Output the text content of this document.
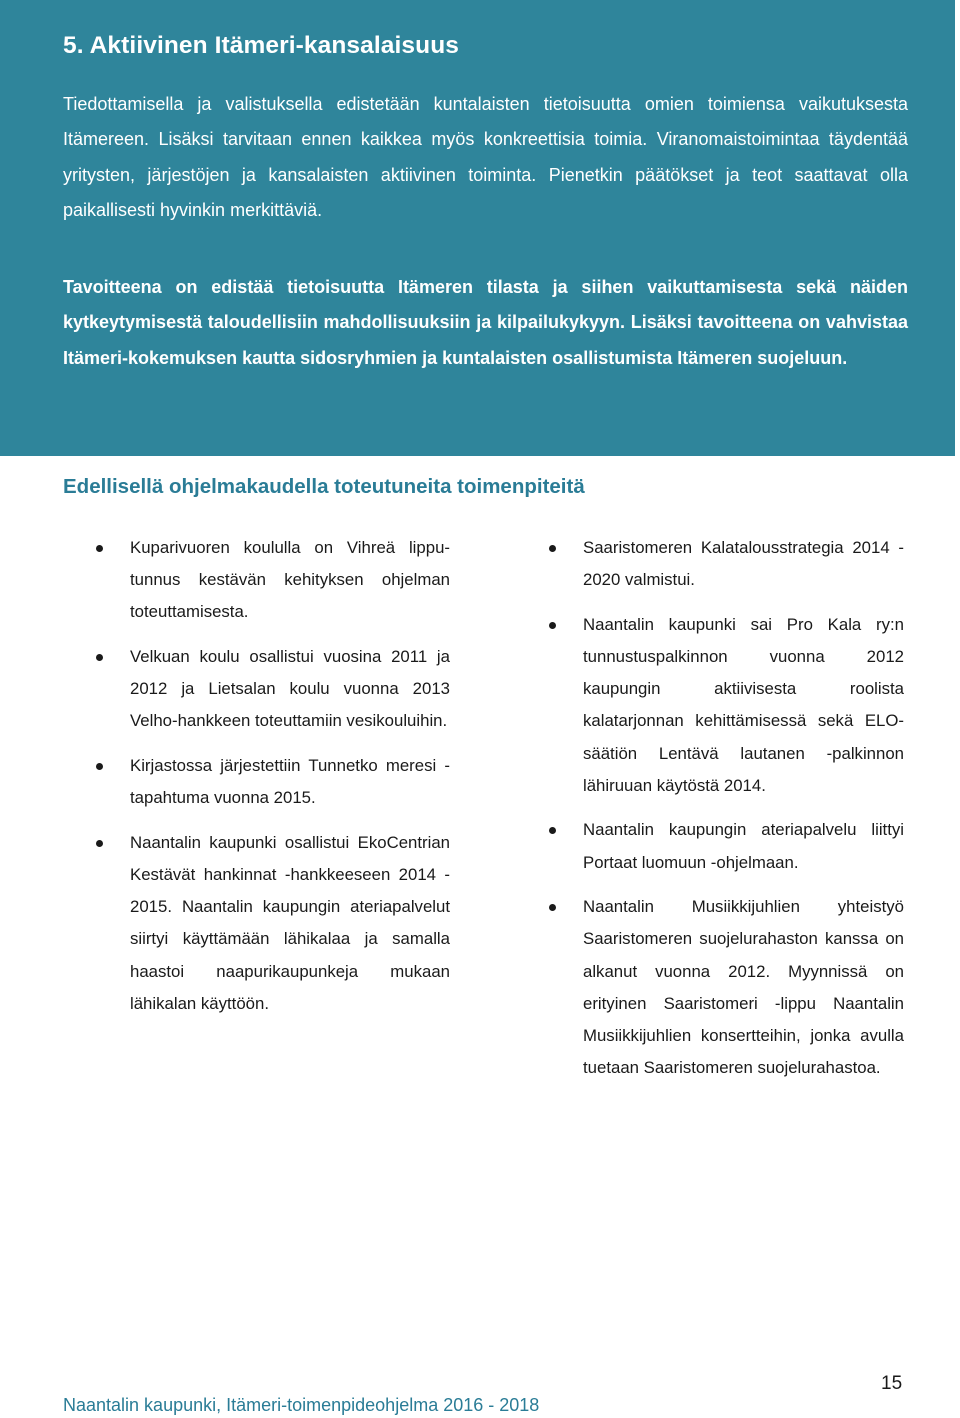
5. Aktiivinen Itämeri-kansalaisuus

Tiedottamisella ja valistuksella edistetään kuntalaisten tietoisuutta omien toimiensa vaikutuksesta Itämereen. Lisäksi tarvitaan ennen kaikkea myös konkreettisia toimia. Viranomaistoimintaa täydentää yritysten, järjestöjen ja kansalaisten aktiivinen toiminta. Pienetkin päätökset ja teot saattavat olla paikallisesti hyvinkin merkittäviä.

Tavoitteena on edistää tietoisuutta Itämeren tilasta ja siihen vaikuttamisesta sekä näiden kytkeytymisestä taloudellisiin mahdollisuuksiin ja kilpailukykyyn. Lisäksi tavoitteena on vahvistaa Itämeri-kokemuksen kautta sidosryhmien ja kuntalaisten osallistumista Itämeren suojeluun.

Edellisellä ohjelmakaudella toteutuneita toimenpiteitä
Kuparivuoren koululla on Vihreä lippu-tunnus kestävän kehityksen ohjelman toteuttamisesta.
Velkuan koulu osallistui vuosina 2011 ja 2012 ja Lietsalan koulu vuonna 2013 Velho-hankkeen toteuttamiin vesikouluihin.
Kirjastossa järjestettiin Tunnetko meresi -tapahtuma vuonna 2015.
Naantalin kaupunki osallistui EkoCentrian Kestävät hankinnat -hankkeeseen 2014 - 2015. Naantalin kaupungin ateriapalvelut siirtyi käyttämään lähikalaa ja samalla haastoi naapurikaupunkeja mukaan lähikalan käyttöön.
Saaristomeren Kalatalousstrategia 2014 - 2020 valmistui.
Naantalin kaupunki sai Pro Kala ry:n tunnustuspalkinnon vuonna 2012 kaupungin aktiivisesta roolista kalatarjonnan kehittämisessä sekä ELO-säätiön Lentävä lautanen -palkinnon lähiruuan käytöstä 2014.
Naantalin kaupungin ateriapalvelu liittyi Portaat luomuun -ohjelmaan.
Naantalin Musiikkijuhlien yhteistyö Saaristomeren suojelurahaston kanssa on alkanut vuonna 2012. Myynnissä on erityinen Saaristomeri -lippu Naantalin Musiikkijuhlien konsertteihin, jonka avulla tuetaan Saaristomeren suojelurahastoa.
15
Naantalin kaupunki, Itämeri-toimenpideohjelma 2016 - 2018
